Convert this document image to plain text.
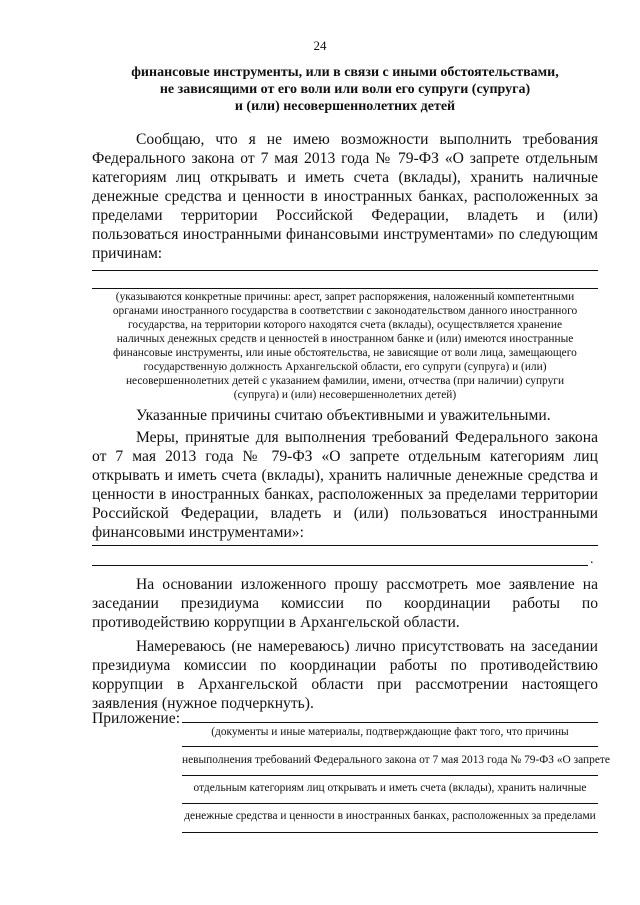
24
финансовые инструменты, или в связи с иными обстоятельствами,
не зависящими от его воли или воли его супруги (супруга)
и (или) несовершеннолетних детей
Сообщаю, что я не имею возможности выполнить требования Федерального закона от 7 мая 2013 года № 79-ФЗ «О запрете отдельным категориям лиц открывать и иметь счета (вклады), хранить наличные денежные средства и ценности в иностранных банках, расположенных за пределами территории Российской Федерации, владеть и (или) пользоваться иностранными финансовыми инструментами» по следующим причинам:
(указываются конкретные причины: арест, запрет распоряжения, наложенный компетентными
органами иностранного государства в соответствии с законодательством данного иностранного
государства, на территории которого находятся счета (вклады), осуществляется хранение
наличных денежных средств и ценностей в иностранном банке и (или) имеются иностранные
финансовые инструменты, или иные обстоятельства, не зависящие от воли лица, замещающего
государственную должность Архангельской области, его супруги (супруга) и (или)
несовершеннолетних детей с указанием фамилии, имени, отчества (при наличии) супруги
(супруга) и (или) несовершеннолетних детей)
Указанные причины считаю объективными и уважительными.
Меры, принятые для выполнения требований Федерального закона от 7 мая 2013 года № 79-ФЗ «О запрете отдельным категориям лиц открывать и иметь счета (вклады), хранить наличные денежные средства и ценности в иностранных банках, расположенных за пределами территории Российской Федерации, владеть и (или) пользоваться иностранными финансовыми инструментами»:
.
На основании изложенного прошу рассмотреть мое заявление на заседании президиума комиссии по координации работы по противодействию коррупции в Архангельской области.
Намереваюсь (не намереваюсь) лично присутствовать на заседании президиума комиссии по координации работы по противодействию коррупции в Архангельской области при рассмотрении настоящего заявления (нужное подчеркнуть).
Приложение:
(документы и иные материалы, подтверждающие факт того, что причины
невыполнения требований Федерального закона от 7 мая 2013 года № 79-ФЗ «О запрете
отдельным категориям лиц открывать и иметь счета (вклады), хранить наличные
денежные средства и ценности в иностранных банках, расположенных за пределами
